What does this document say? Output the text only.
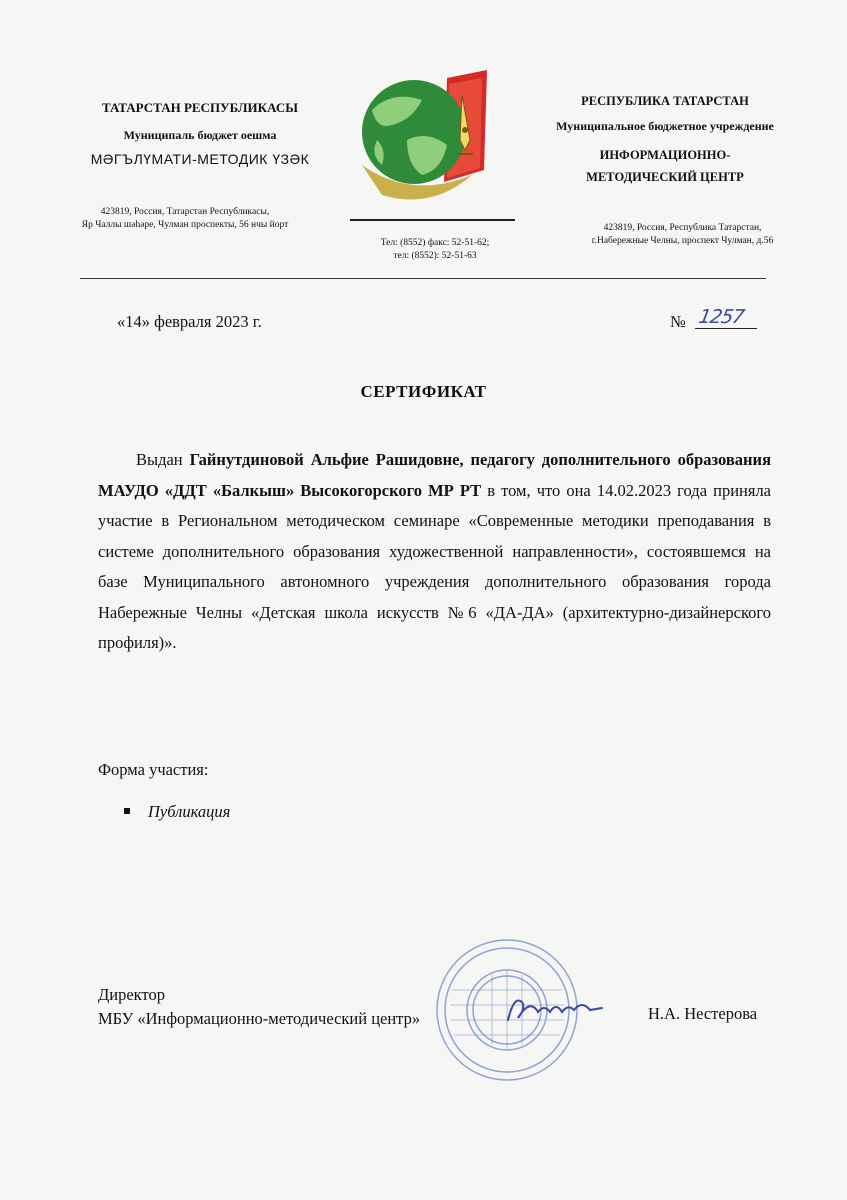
ТАТАРСТАН РЕСПУБЛИКАСЫ
Муниципаль бюджет оешма
МӘГЪЛҮМАТИ-МЕТОДИК ҮЗӘК
423819, Россия, Татарстан Республикасы,
Яр Чаллы шәһәре, Чулман проспекты, 56 нчы йорт
Тел: (8552) факс: 52-51-62;
тел: (8552): 52-51-63
РЕСПУБЛИКА ТАТАРСТАН
Муниципальное бюджетное учреждение
ИНФОРМАЦИОННО-
МЕТОДИЧЕСКИЙ ЦЕНТР
423819, Россия, Республика Татарстан,
г.Набережные Челны, проспект Чулман, д.56
«14» февраля 2023 г.	№ 1257
СЕРТИФИКАТ
Выдан Гайнутдиновой Альфие Рашидовне, педагогу дополнительного образования МАУДО «ДДТ «Балкыш» Высокогорского МР РТ в том, что она 14.02.2023 года приняла участие в Региональном методическом семинаре «Современные методики преподавания в системе дополнительного образования художественной направленности», состоявшемся на базе Муниципального автономного учреждения дополнительного образования города Набережные Челны «Детская школа искусств №6 «ДА-ДА» (архитектурно-дизайнерского профиля)».
Форма участия:
Публикация
Директор
МБУ «Информационно-методический центр»	Н.А. Нестерова
